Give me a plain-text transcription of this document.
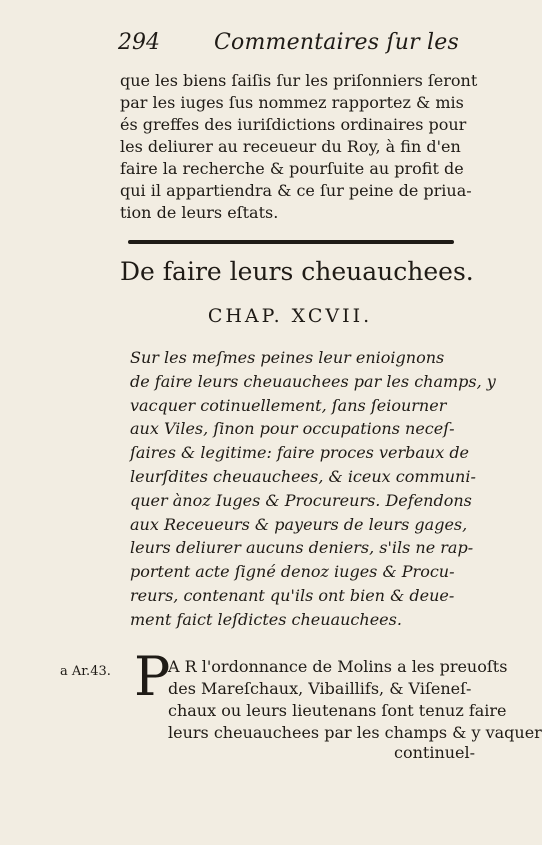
294 Commentaires ſur les
que les biens ſaiſis ſur les priſonniers ſeront
par les iuges ſus nommez rapportez & mis
és greffes des iuriſdictions ordinaires pour
les deliurer au receueur du Roy, à fin d'en
faire la recherche & pourſuite au profit de
qui il appartiendra & ce ſur peine de priua-
tion de leurs eſtats.
De faire leurs cheuauchees.
CHAP. XCVII.
Sur les meſmes peines leur enioignons
de faire leurs cheuauchees par les champs, y
vacquer cotinuellement, ſans ſeiourner
aux Viles, ſinon pour occupations neceſ-
ſaires & legitime: faire proces verbaux de
leurſdites cheuauchees, & iceux communi-
quer ànoz Iuges & Procureurs. Defendons
aux Receueurs & payeurs de leurs gages,
leurs deliurer aucuns deniers, s'ils ne rap-
portent acte ſigné denoz iuges & Procu-
reurs, contenant qu'ils ont bien & deue-
ment faict leſdictes cheuauchees.
a Ar.43. P
A R l'ordonnance de Molins a les preuoſts
des Mareſchaux, Vibaillifs, & Viſeneſ-
chaux ou leurs lieutenans ſont tenuz faire
leurs cheuauchees par les champs & y vaquer
continuel-
